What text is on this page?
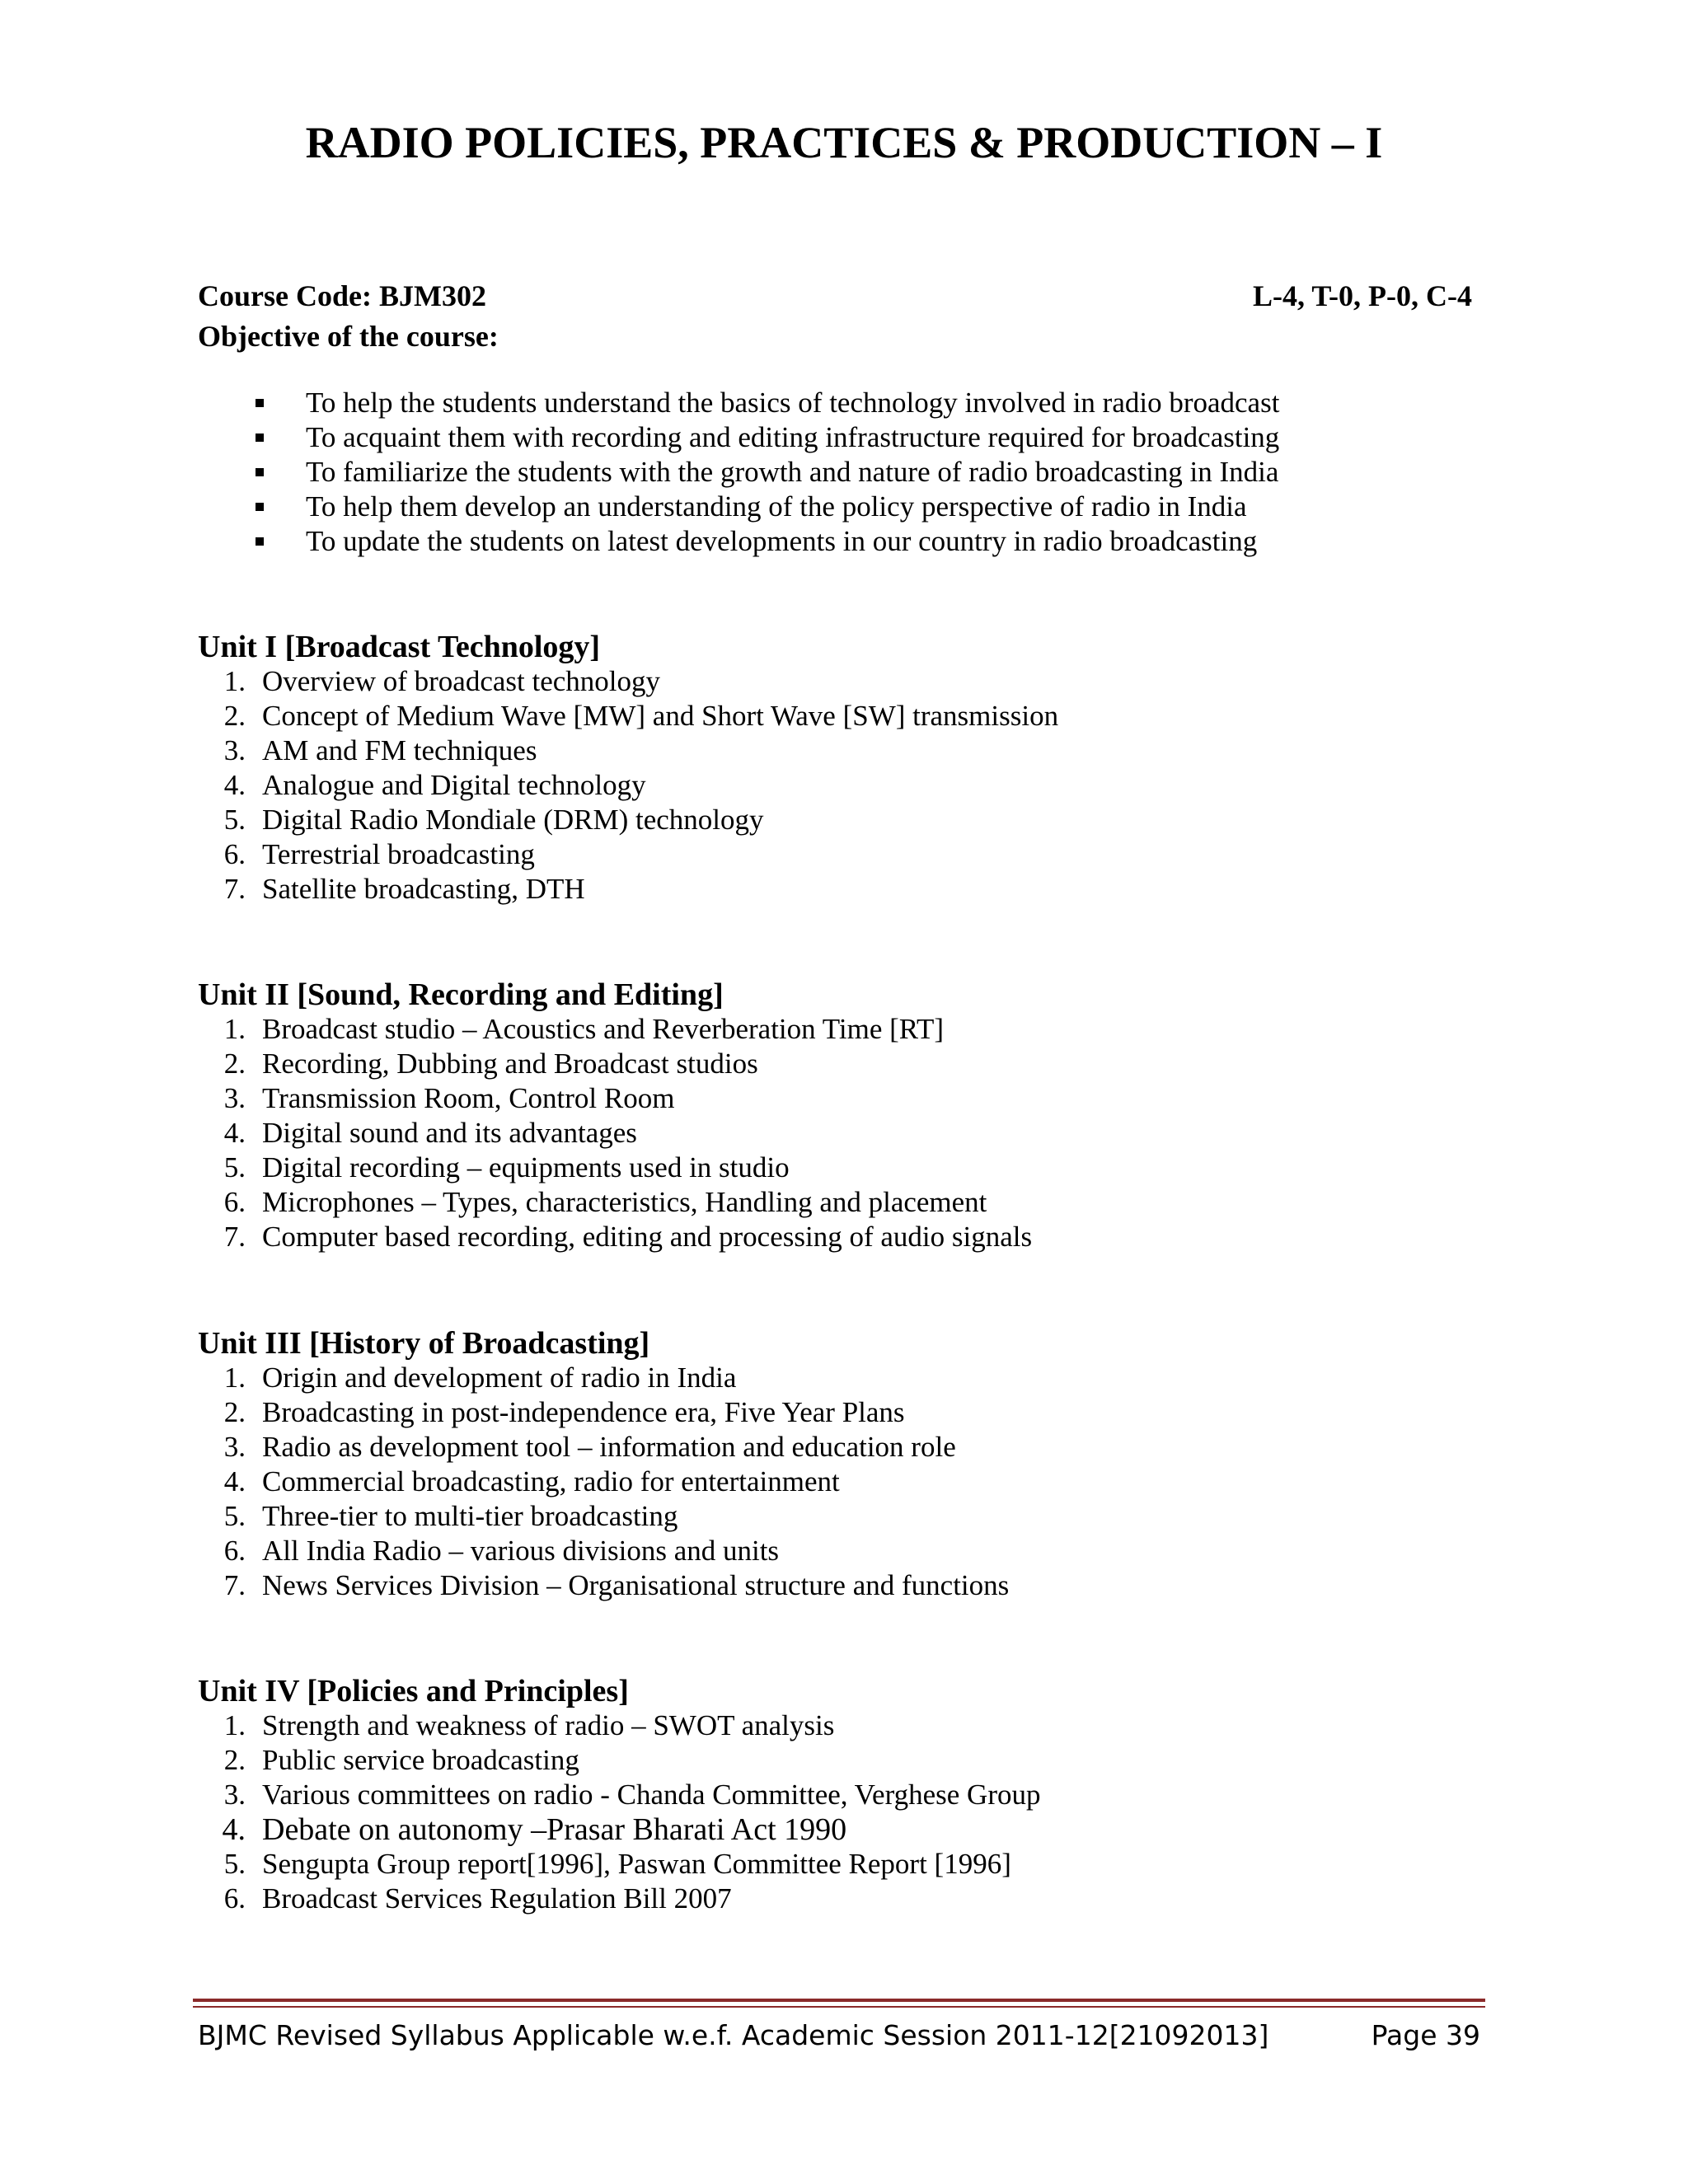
RADIO POLICIES, PRACTICES & PRODUCTION – I
Course Code: BJM302	L-4, T-0, P-0, C-4
Objective of the course:
To help the students understand the basics of technology involved in radio broadcast
To acquaint them with recording and editing infrastructure required for broadcasting
To familiarize the students with the growth and nature of radio broadcasting in India
To help them develop an understanding of the policy perspective of radio in India
To update the students on latest developments in our country in radio broadcasting
Unit I [Broadcast Technology]
1. Overview of broadcast technology
2. Concept of Medium Wave [MW] and Short Wave [SW] transmission
3. AM and FM techniques
4. Analogue and Digital technology
5. Digital Radio Mondiale (DRM) technology
6. Terrestrial broadcasting
7. Satellite broadcasting, DTH
Unit II [Sound, Recording and Editing]
1. Broadcast studio – Acoustics and Reverberation Time [RT]
2. Recording, Dubbing and Broadcast studios
3. Transmission Room, Control Room
4. Digital sound and its advantages
5. Digital recording – equipments used in studio
6. Microphones – Types, characteristics, Handling and placement
7. Computer based recording, editing and processing of audio signals
Unit III [History of Broadcasting]
1. Origin and development of radio in India
2. Broadcasting in post-independence era, Five Year Plans
3. Radio as development tool – information and education role
4. Commercial broadcasting, radio for entertainment
5. Three-tier to multi-tier broadcasting
6. All India Radio – various divisions and units
7. News Services Division – Organisational structure and functions
Unit IV [Policies and Principles]
1. Strength and weakness of radio – SWOT analysis
2. Public service broadcasting
3. Various committees on radio - Chanda Committee, Verghese Group
4. Debate on autonomy –Prasar Bharati Act 1990
5. Sengupta Group report[1996], Paswan Committee Report [1996]
6. Broadcast Services Regulation Bill 2007
BJMC Revised Syllabus Applicable w.e.f. Academic Session 2011-12[21092013]	Page 39
